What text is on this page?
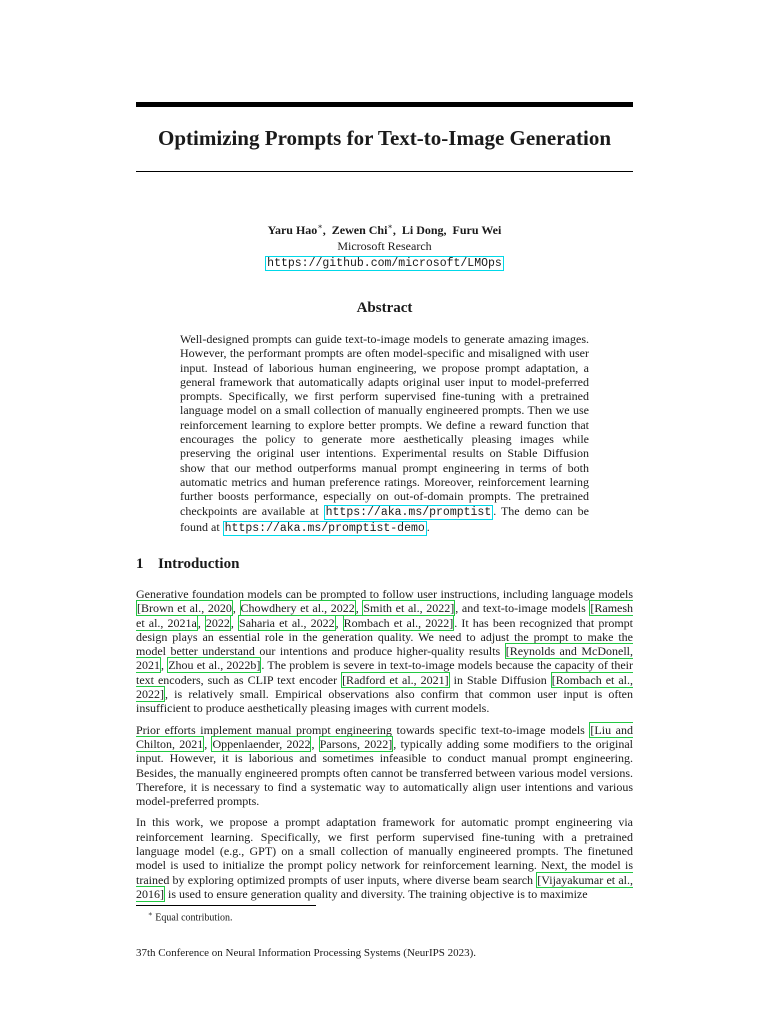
Optimizing Prompts for Text-to-Image Generation
Yaru Hao∗, Zewen Chi∗, Li Dong, Furu Wei
Microsoft Research
https://github.com/microsoft/LMOps
Abstract

Well-designed prompts can guide text-to-image models to generate amazing images. However, the performant prompts are often model-specific and misaligned with user input. Instead of laborious human engineering, we propose prompt adaptation, a general framework that automatically adapts original user input to model-preferred prompts. Specifically, we first perform supervised fine-tuning with a pretrained language model on a small collection of manually engineered prompts. Then we use reinforcement learning to explore better prompts. We define a reward function that encourages the policy to generate more aesthetically pleasing images while preserving the original user intentions. Experimental results on Stable Diffusion show that our method outperforms manual prompt engineering in terms of both automatic metrics and human preference ratings. Moreover, reinforcement learning further boosts performance, especially on out-of-domain prompts. The pretrained checkpoints are available at https://aka.ms/promptist . The demo can be found at https://aka.ms/promptist-demo .

1 Introduction

Generative foundation models can be prompted to follow user instructions, including language models [Brown et al., 2020, Chowdhery et al., 2022, Smith et al., 2022], and text-to-image models [Ramesh et al., 2021a, 2022, Saharia et al., 2022, Rombach et al., 2022]. It has been recognized that prompt design plays an essential role in the generation quality. We need to adjust the prompt to make the model better understand our intentions and produce higher-quality results [Reynolds and McDonell, 2021, Zhou et al., 2022b]. The problem is severe in text-to-image models because the capacity of their text encoders, such as CLIP text encoder [Radford et al., 2021] in Stable Diffusion [Rombach et al., 2022], is relatively small. Empirical observations also confirm that common user input is often insufficient to produce aesthetically pleasing images with current models.

Prior efforts implement manual prompt engineering towards specific text-to-image models [Liu and Chilton, 2021, Oppenlaender, 2022, Parsons, 2022], typically adding some modifiers to the original input. However, it is laborious and sometimes infeasible to conduct manual prompt engineering. Besides, the manually engineered prompts often cannot be transferred between various model versions. Therefore, it is necessary to find a systematic way to automatically align user intentions and various model-preferred prompts.

In this work, we propose a prompt adaptation framework for automatic prompt engineering via reinforcement learning. Specifically, we first perform supervised fine-tuning with a pretrained language model (e.g., GPT) on a small collection of manually engineered prompts. The finetuned model is used to initialize the prompt policy network for reinforcement learning. Next, the model is trained by exploring optimized prompts of user inputs, where diverse beam search [Vijayakumar et al., 2016] is used to ensure generation quality and diversity. The training objective is to maximize

∗ Equal contribution.
37th Conference on Neural Information Processing Systems (NeurIPS 2023).
